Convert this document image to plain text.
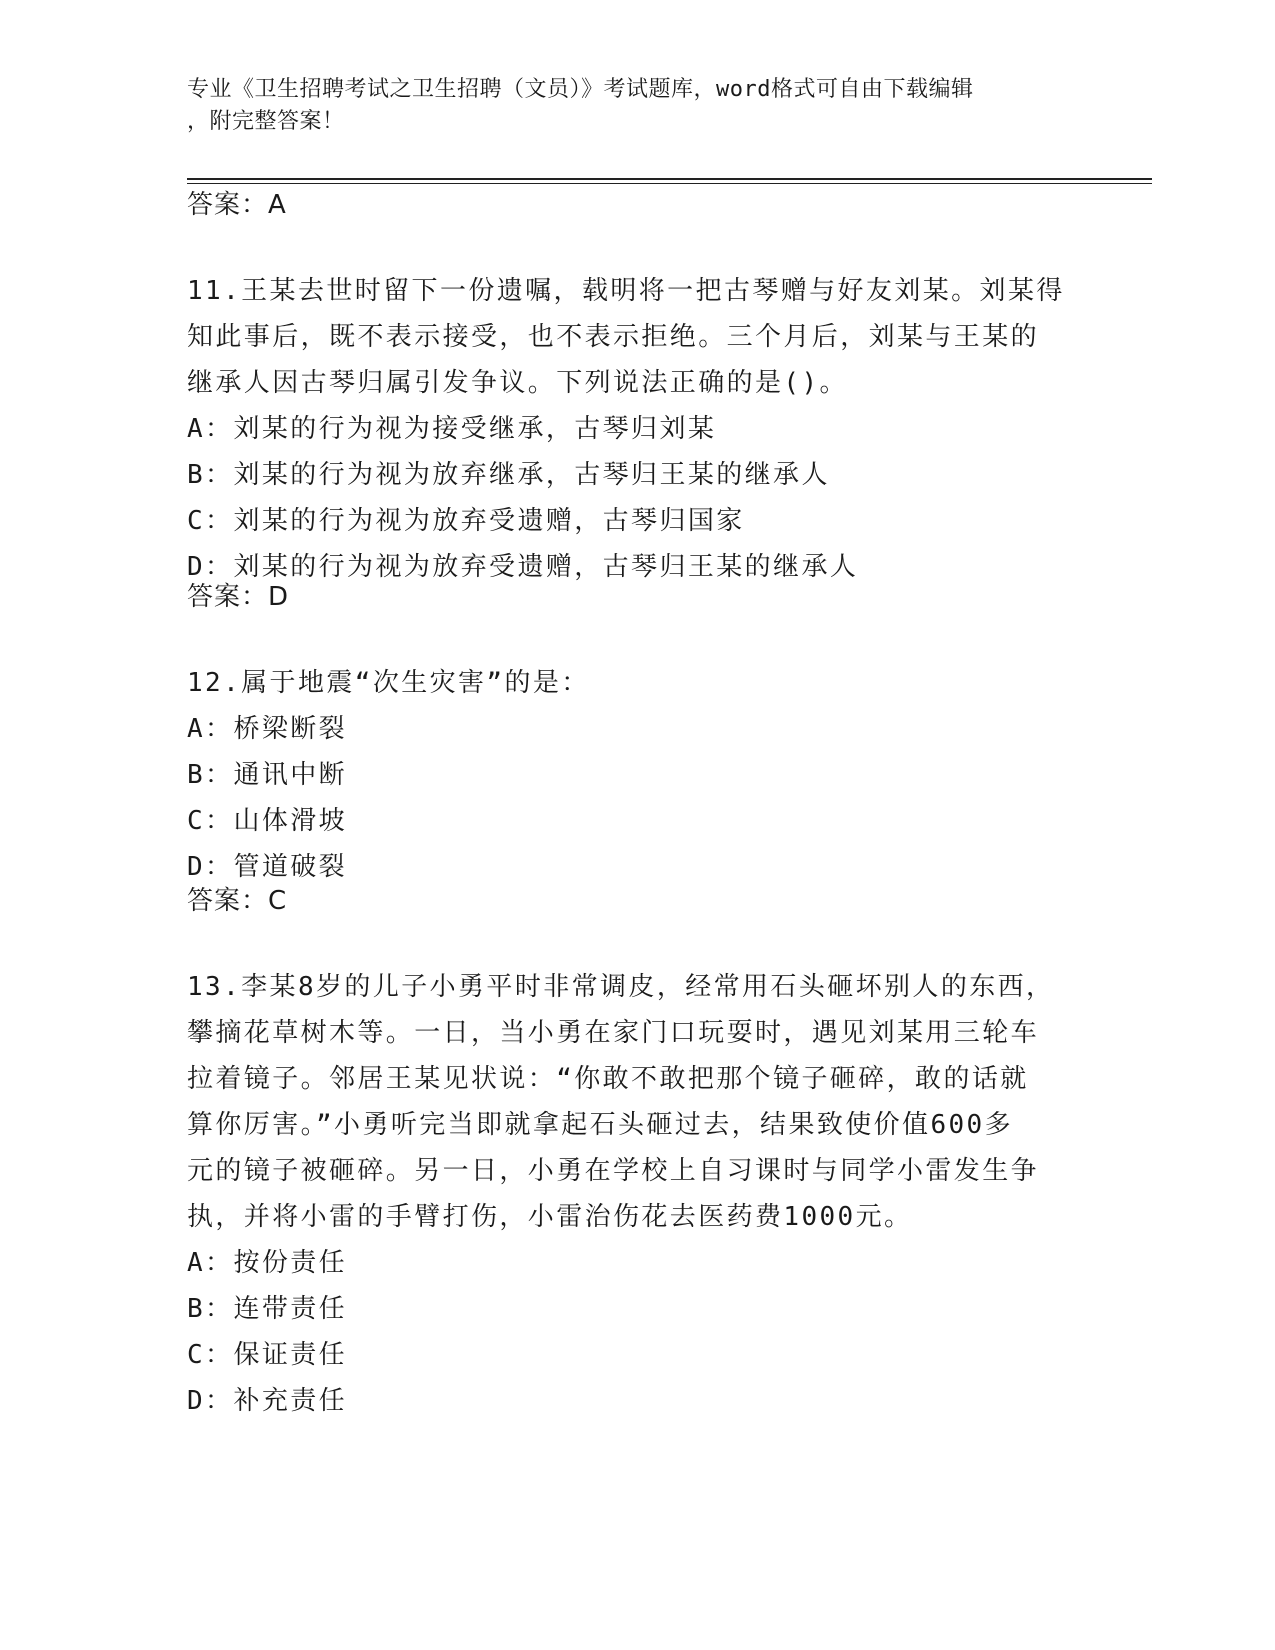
专业《卫生招聘考试之卫生招聘（文员）》考试题库，word格式可自由下载编辑
，附完整答案！
答案：A
11.王某去世时留下一份遗嘱，载明将一把古琴赠与好友刘某。刘某得
知此事后，既不表示接受，也不表示拒绝。三个月后，刘某与王某的
继承人因古琴归属引发争议。下列说法正确的是()。
A：刘某的行为视为接受继承，古琴归刘某
B：刘某的行为视为放弃继承，古琴归王某的继承人
C：刘某的行为视为放弃受遗赠，古琴归国家
D：刘某的行为视为放弃受遗赠，古琴归王某的继承人
答案：D
12.属于地震“次生灾害”的是：
A：桥梁断裂
B：通讯中断
C：山体滑坡
D：管道破裂
答案：C
13.李某8岁的儿子小勇平时非常调皮，经常用石头砸坏别人的东西，
攀摘花草树木等。一日，当小勇在家门口玩耍时，遇见刘某用三轮车
拉着镜子。邻居王某见状说：“你敢不敢把那个镜子砸碎，敢的话就
算你厉害。”小勇听完当即就拿起石头砸过去，结果致使价值600多
元的镜子被砸碎。另一日，小勇在学校上自习课时与同学小雷发生争
执，并将小雷的手臂打伤，小雷治伤花去医药费1000元。
A：按份责任
B：连带责任
C：保证责任
D：补充责任
